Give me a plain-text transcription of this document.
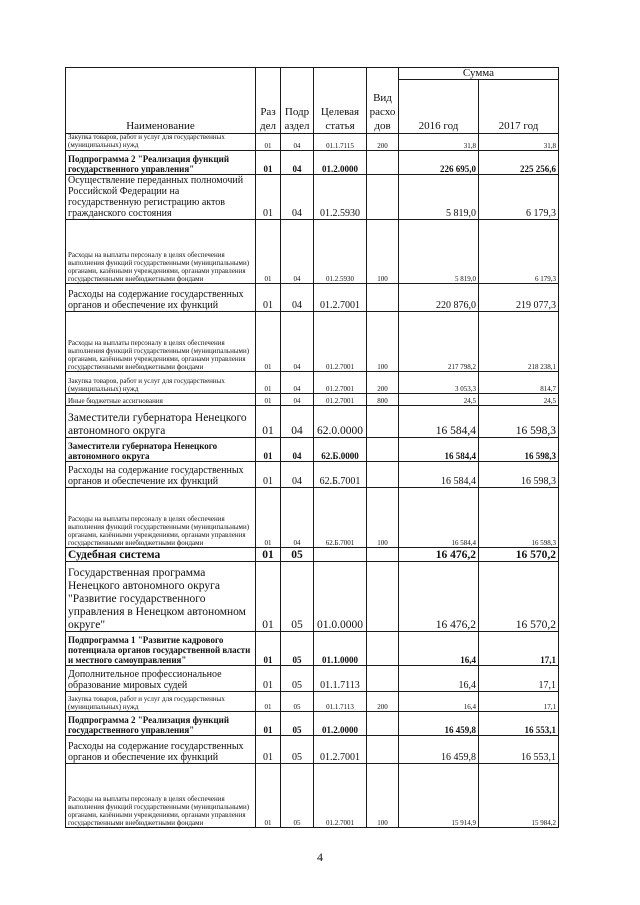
Наименование	Раз дел	Подр аздел	Целевая статья	Вид расхо дов	Сумма	
					2016 год	2017 год
Закупка товаров, работ и услуг для государственных (муниципальных) нужд	01	04	01.1.7115	200	31,8	31,8
Подпрограмма 2 "Реализация функций государственного управления"	01	04	01.2.0000		226 695,0	225 256,6
Осуществление переданных полномочий Российской Федерации на государственную регистрацию актов гражданского состояния	01	04	01.2.5930		5 819,0	6 179,3
Расходы на выплаты персоналу в целях обеспечения выполнения функций государственными (муниципальными) органами, казёнными учреждениями, органами управления государственными внебюджетными фондами	01	04	01.2.5930	100	5 819,0	6 179,3
Расходы на содержание государственных органов и обеспечение их функций	01	04	01.2.7001		220 876,0	219 077,3
Расходы на выплаты персоналу в целях обеспечения выполнения функций государственными (муниципальными) органами, казёнными учреждениями, органами управления государственными внебюджетными фондами	01	04	01.2.7001	100	217 798,2	218 238,1
Закупка товаров, работ и услуг для государственных (муниципальных) нужд	01	04	01.2.7001	200	3 053,3	814,7
Иные бюджетные ассигнования	01	04	01.2.7001	800	24,5	24,5
Заместители губернатора Ненецкого автономного округа	01	04	62.0.0000		16 584,4	16 598,3
Заместители губернатора Ненецкого автономного округа	01	04	62.Б.0000		16 584,4	16 598,3
Расходы на содержание государственных органов и обеспечение их функций	01	04	62.Б.7001		16 584,4	16 598,3
Расходы на выплаты персоналу в целях обеспечения выполнения функций государственными (муниципальными) органами, казёнными учреждениями, органами управления государственными внебюджетными фондами	01	04	62.Б.7001	100	16 584,4	16 598,3
Судебная система	01	05			16 476,2	16 570,2
Государственная программа Ненецкого автономного округа "Развитие государственного управления в Ненецком автономном округе"	01	05	01.0.0000		16 476,2	16 570,2
Подпрограмма 1 "Развитие кадрового потенциала органов государственной власти и местного самоуправления"	01	05	01.1.0000		16,4	17,1
Дополнительное профессиональное образование мировых судей	01	05	01.1.7113		16,4	17,1
Закупка товаров, работ и услуг для государственных (муниципальных) нужд	01	05	01.1.7113	200	16,4	17,1
Подпрограмма 2 "Реализация функций государственного управления"	01	05	01.2.0000		16 459,8	16 553,1
Расходы на содержание государственных органов и обеспечение их функций	01	05	01.2.7001		16 459,8	16 553,1
Расходы на выплаты персоналу в целях обеспечения выполнения функций государственными (муниципальными) органами, казёнными учреждениями, органами управления государственными внебюджетными фондами	01	05	01.2.7001	100	15 914,9	15 984,2
4
